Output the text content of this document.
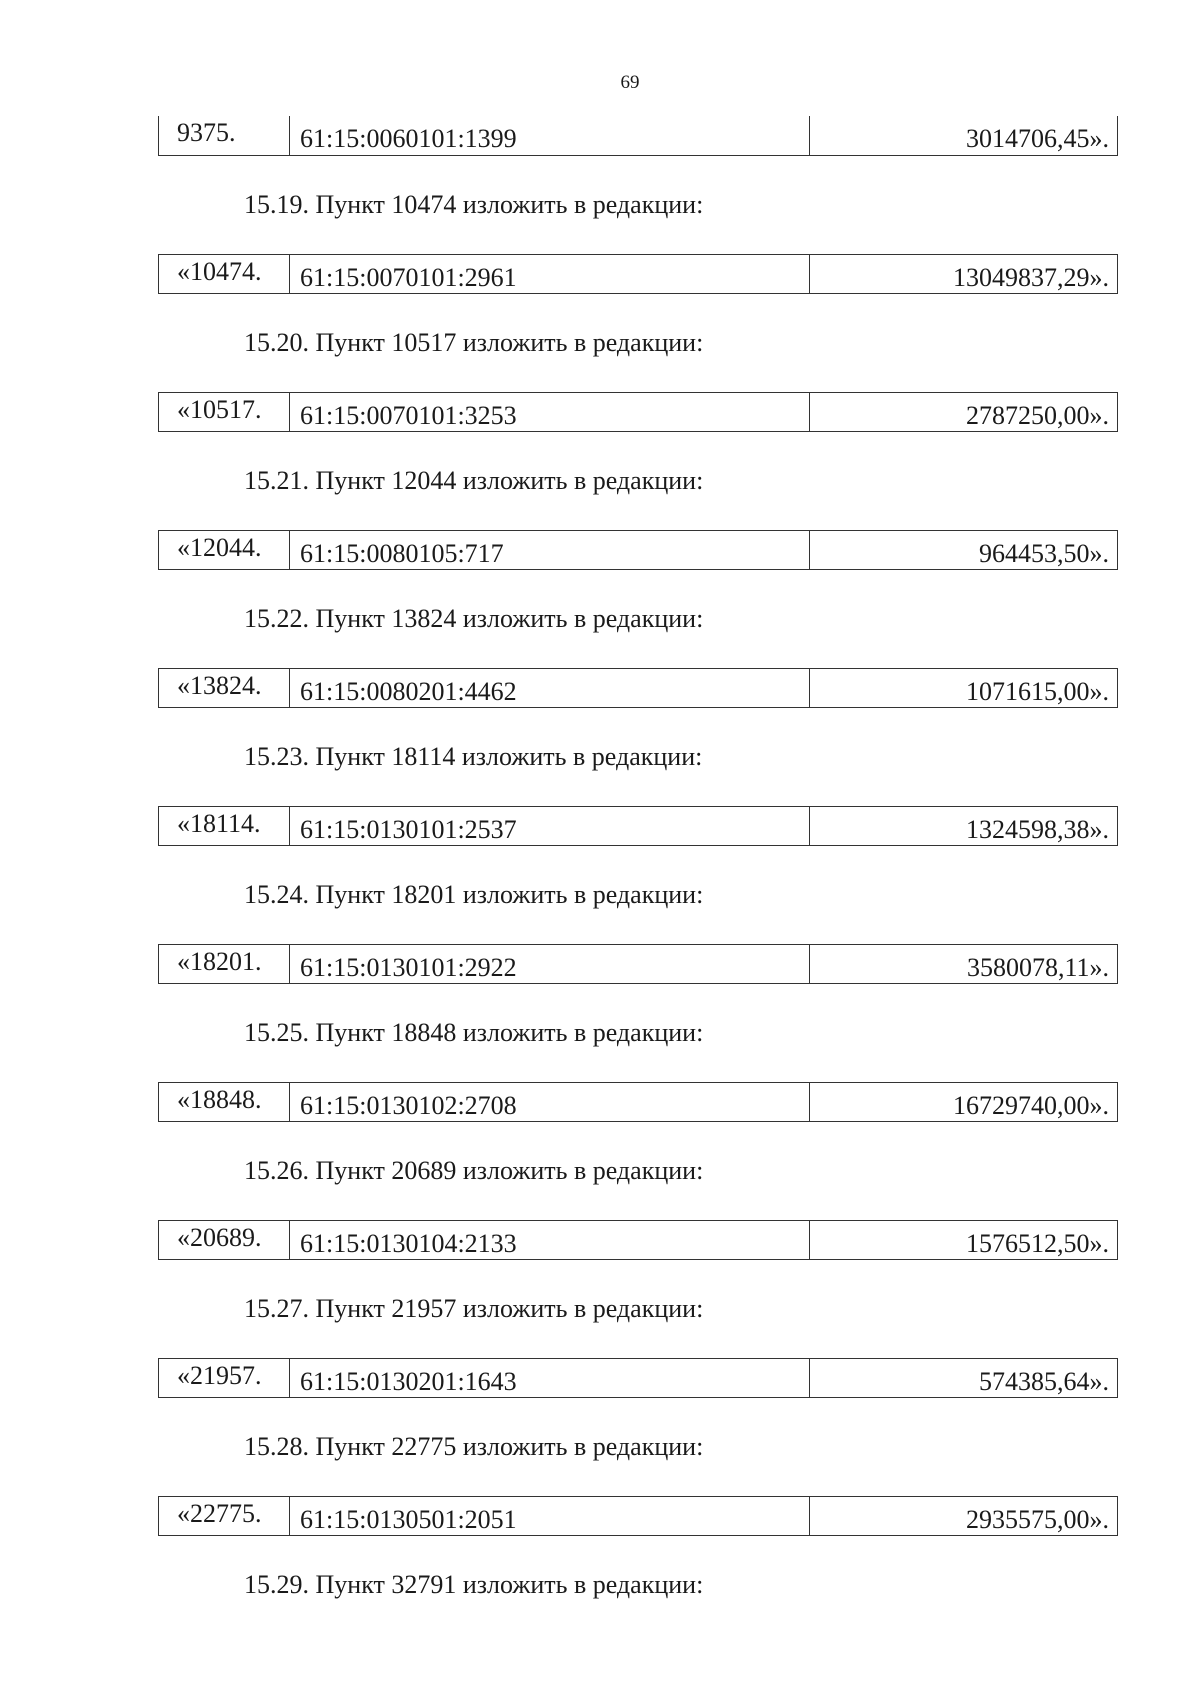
69
9375. 61:15:0060101:1399	3014706,45».
15.19. Пункт 10474 изложить в редакции:
«10474. 61:15:0070101:2961	13049837,29».
15.20. Пункт 10517 изложить в редакции:
«10517. 61:15:0070101:3253	2787250,00».
15.21. Пункт 12044 изложить в редакции:
«12044. 61:15:0080105:717	964453,50».
15.22. Пункт 13824 изложить в редакции:
«13824. 61:15:0080201:4462	1071615,00».
15.23. Пункт 18114 изложить в редакции:
«18114. 61:15:0130101:2537	1324598,38».
15.24. Пункт 18201 изложить в редакции:
«18201. 61:15:0130101:2922	3580078,11».
15.25. Пункт 18848 изложить в редакции:
«18848. 61:15:0130102:2708	16729740,00».
15.26. Пункт 20689 изложить в редакции:
«20689. 61:15:0130104:2133	1576512,50».
15.27. Пункт 21957 изложить в редакции:
«21957. 61:15:0130201:1643	574385,64».
15.28. Пункт 22775 изложить в редакции:
«22775. 61:15:0130501:2051	2935575,00».
15.29. Пункт 32791 изложить в редакции:
